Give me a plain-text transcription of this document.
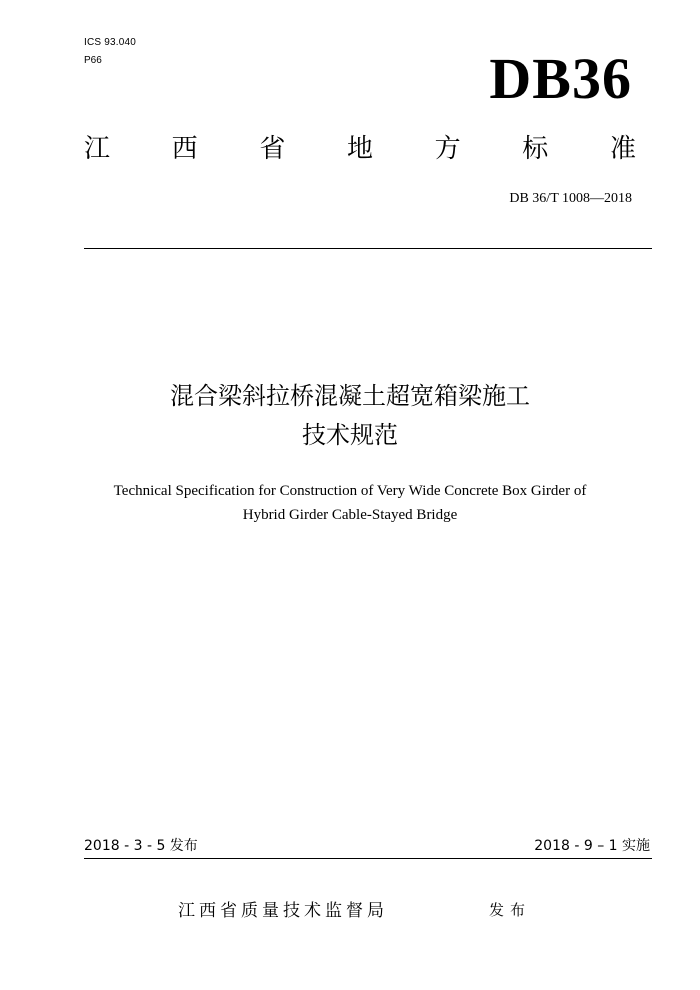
ICS 93.040
P66	DB36
江 西 省 地 方 标 准
DB 36/T 1008—2018
混合梁斜拉桥混凝土超宽箱梁施工
技术规范
Technical Specification for Construction of Very Wide Concrete Box Girder of
Hybrid Girder Cable-Stayed Bridge
2018 - 3 - 5 发布	2018 - 9 – 1 实施
江西省质量技术监督局	发布
